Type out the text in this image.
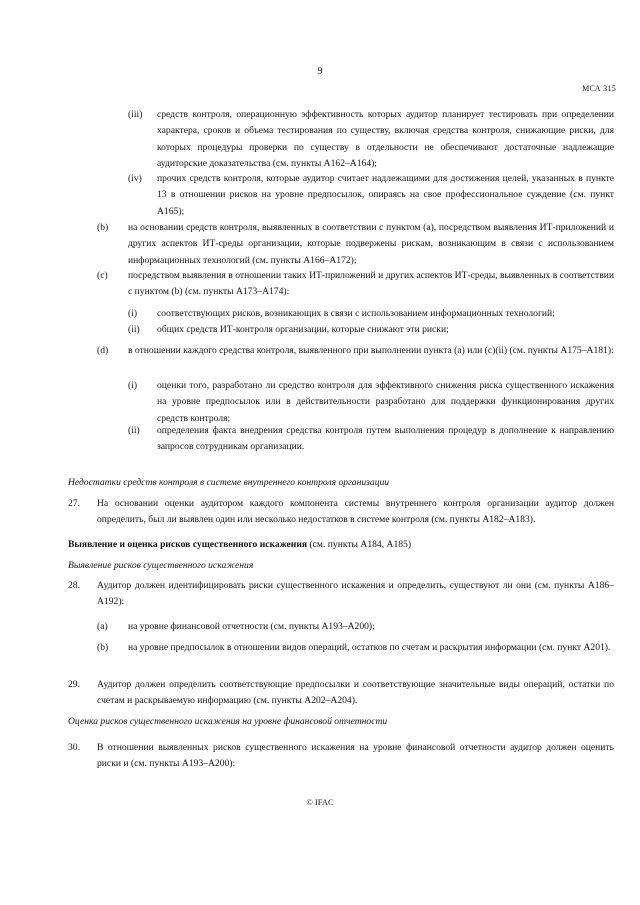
9
МСА 315
(iii) средств контроля, операционную эффективность которых аудитор планирует тестировать при определении характера, сроков и объема тестирования по существу, включая средства контроля, снижающие риски, для которых процедуры проверки по существу в отдельности не обеспечивают достаточные надлежащие аудиторские доказательства (см. пункты А162–А164);
(iv) прочих средств контроля, которые аудитор считает надлежащими для достижения целей, указанных в пункте 13 в отношении рисков на уровне предпосылок, опираясь на свое профессиональное суждение (см. пункт А165);
(b) на основании средств контроля, выявленных в соответствии с пунктом (а), посредством выявления ИТ-приложений и других аспектов ИТ-среды организации, которые подвержены рискам, возникающим в связи с использованием информационных технологий (см. пункты А166–А172);
(c) посредством выявления в отношении таких ИТ-приложений и других аспектов ИТ-среды, выявленных в соответствии с пунктом (b) (см. пункты А173–А174):
(i) соответствующих рисков, возникающих в связи с использованием информационных технологий;
(ii) общих средств ИТ-контроля организации, которые снижают эти риски;
(d) в отношении каждого средства контроля, выявленного при выполнении пункта (а) или (с)(ii) (см. пункты А175–А181):
(i) оценки того, разработано ли средство контроля для эффективного снижения риска существенного искажения на уровне предпосылок или в действительности разработано для поддержки функционирования других средств контроля;
(ii) определения факта внедрения средства контроля путем выполнения процедур в дополнение к направлению запросов сотрудникам организации.
Недостатки средств контроля в системе внутреннего контроля организации
27. На основании оценки аудитором каждого компонента системы внутреннего контроля организации аудитор должен определить, был ли выявлен один или несколько недостатков в системе контроля (см. пункты А182–А183).
Выявление и оценка рисков существенного искажения (см. пункты А184, А185)
Выявление рисков существенного искажения
28. Аудитор должен идентифицировать риски существенного искажения и определить, существуют ли они (см. пункты А186–А192):
(a) на уровне финансовой отчетности (см. пункты А193–А200);
(b) на уровне предпосылок в отношении видов операций, остатков по счетам и раскрытия информации (см. пункт А201).
29. Аудитор должен определить соответствующие предпосылки и соответствующие значительные виды операций, остатки по счетам и раскрываемую информацию (см. пункты А202–А204).
Оценка рисков существенного искажения на уровне финансовой отчетности
30. В отношении выявленных рисков существенного искажения на уровне финансовой отчетности аудитор должен оценить риски и (см. пункты А193–А200):
© IFAC
